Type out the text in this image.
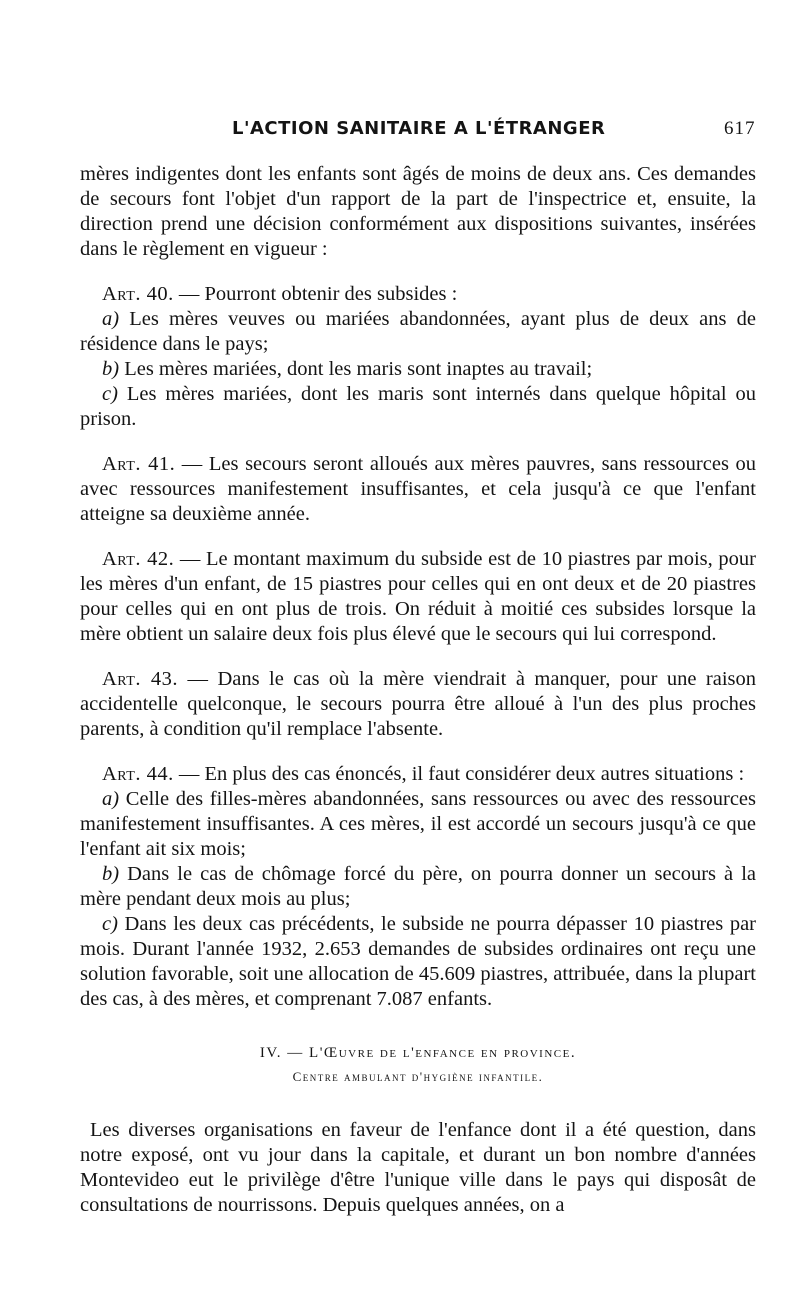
L'ACTION SANITAIRE A L'ÉTRANGER	617

mères indigentes dont les enfants sont âgés de moins de deux ans. Ces demandes de secours font l'objet d'un rapport de la part de l'inspectrice et, ensuite, la direction prend une décision conformément aux dispositions suivantes, insérées dans le règlement en vigueur :

Art. 40. — Pourront obtenir des subsides :

a) Les mères veuves ou mariées abandonnées, ayant plus de deux ans de résidence dans le pays;

b) Les mères mariées, dont les maris sont inaptes au travail;

c) Les mères mariées, dont les maris sont internés dans quelque hôpital ou prison.

Art. 41. — Les secours seront alloués aux mères pauvres, sans ressources ou avec ressources manifestement insuffisantes, et cela jusqu'à ce que l'enfant atteigne sa deuxième année.

Art. 42. — Le montant maximum du subside est de 10 piastres par mois, pour les mères d'un enfant, de 15 piastres pour celles qui en ont deux et de 20 piastres pour celles qui en ont plus de trois. On réduit à moitié ces subsides lorsque la mère obtient un salaire deux fois plus élevé que le secours qui lui correspond.

Art. 43. — Dans le cas où la mère viendrait à manquer, pour une raison accidentelle quelconque, le secours pourra être alloué à l'un des plus proches parents, à condition qu'il remplace l'absente.

Art. 44. — En plus des cas énoncés, il faut considérer deux autres situations :

a) Celle des filles-mères abandonnées, sans ressources ou avec des ressources manifestement insuffisantes. A ces mères, il est accordé un secours jusqu'à ce que l'enfant ait six mois;

b) Dans le cas de chômage forcé du père, on pourra donner un secours à la mère pendant deux mois au plus;

c) Dans les deux cas précédents, le subside ne pourra dépasser 10 piastres par mois. Durant l'année 1932, 2.653 demandes de subsides ordinaires ont reçu une solution favorable, soit une allocation de 45.609 piastres, attribuée, dans la plupart des cas, à des mères, et comprenant 7.087 enfants.

IV. — L'Œuvre de l'enfance en province.
Centre ambulant d'hygiène infantile.

Les diverses organisations en faveur de l'enfance dont il a été question, dans notre exposé, ont vu jour dans la capitale, et durant un bon nombre d'années Montevideo eut le privilège d'être l'unique ville dans le pays qui disposât de consultations de nourrissons. Depuis quelques années, on a
